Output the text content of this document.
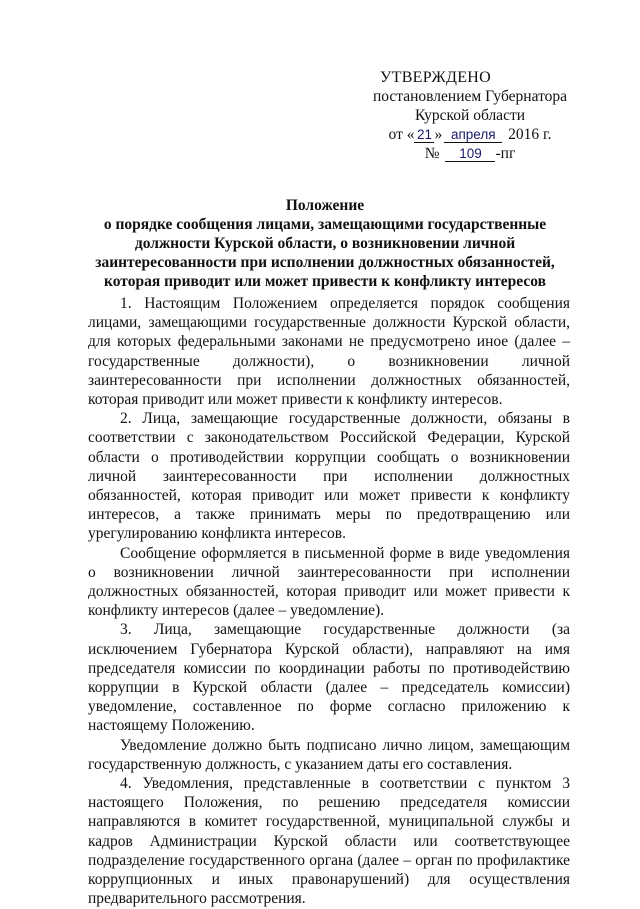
УТВЕРЖДЕНО
постановлением Губернатора
Курской области
от « 21 » апреля 2016 г.
№ 109 -пг
Положение
о порядке сообщения лицами, замещающими государственные
должности Курской области, о возникновении личной
заинтересованности при исполнении должностных обязанностей,
которая приводит или может привести к конфликту интересов

1. Настоящим Положением определяется порядок сообщения лицами, замещающими государственные должности Курской области, для которых федеральными законами не предусмотрено иное (далее – государственные должности), о возникновении личной заинтересованности при исполнении должностных обязанностей, которая приводит или может привести к конфликту интересов.

2. Лица, замещающие государственные должности, обязаны в соответствии с законодательством Российской Федерации, Курской области о противодействии коррупции сообщать о возникновении личной заинтересованности при исполнении должностных обязанностей, которая приводит или может привести к конфликту интересов, а также принимать меры по предотвращению или урегулированию конфликта интересов.

Сообщение оформляется в письменной форме в виде уведомления о возникновении личной заинтересованности при исполнении должностных обязанностей, которая приводит или может привести к конфликту интересов (далее – уведомление).

3. Лица, замещающие государственные должности (за исключением Губернатора Курской области), направляют на имя председателя комиссии по координации работы по противодействию коррупции в Курской области (далее – председатель комиссии) уведомление, составленное по форме согласно приложению к настоящему Положению.

Уведомление должно быть подписано лично лицом, замещающим государственную должность, с указанием даты его составления.

4. Уведомления, представленные в соответствии с пунктом 3 настоящего Положения, по решению председателя комиссии направляются в комитет государственной, муниципальной службы и кадров Администрации Курской области или соответствующее подразделение государственного органа (далее – орган по профилактике коррупционных и иных правонарушений) для осуществления предварительного рассмотрения.
